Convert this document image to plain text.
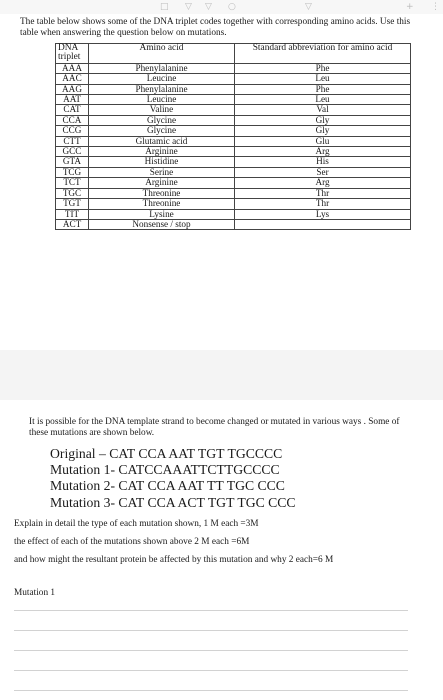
□ ▽ ▽ ○	▽	+ ⋮
The table below shows some of the DNA triplet codes together with corresponding amino acids. Use this table when answering the question below on mutations.
DNA triplet	Amino acid	Standard abbreviation for amino acid
AAA	Phenylalanine	Phe
AAC	Leucine	Leu
AAG	Phenylalanine	Phe
AAT	Leucine	Leu
CAT	Valine	Val
CCA	Glycine	Gly
CCG	Glycine	Gly
CTT	Glutamic acid	Glu
GCC	Arginine	Arg
GTA	Histidine	His
TCG	Serine	Ser
TCT	Arginine	Arg
TGC	Threonine	Thr
TGT	Threonine	Thr
TIT	Lysine	Lys
ACT	Nonsense / stop	
It is possible for the DNA template strand to become changed or mutated in various ways . Some of these mutations are shown below.
Original – CAT CCA AAT TGT TGCCCC
Mutation 1- CATCCAAATTCTTGCCCC
Mutation 2- CAT CCA AAT TT TGC CCC
Mutation 3- CAT CCA ACT TGT TGC CCC

Explain in detail the type of each mutation shown, 1 M each =3M

the effect of each of the mutations shown above 2 M each =6M

and how might the resultant protein be affected by this mutation and why 2 each=6 M

Mutation 1
